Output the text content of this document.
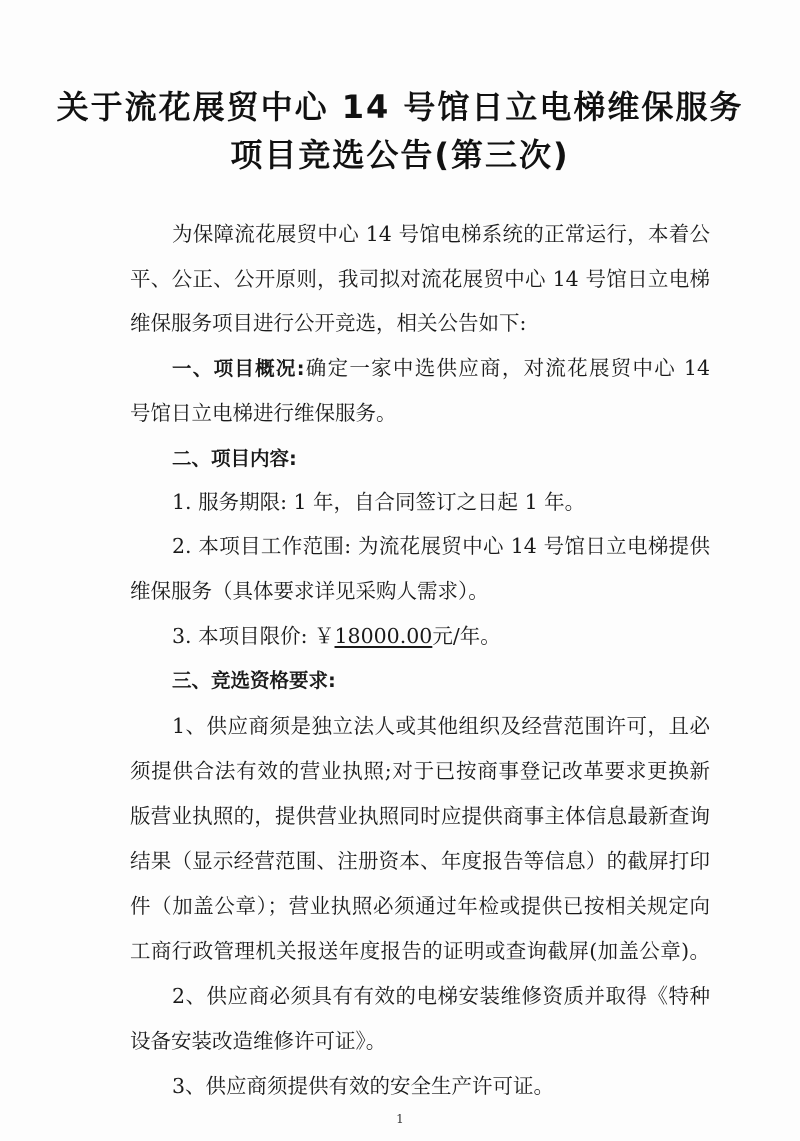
关于流花展贸中心 14 号馆日立电梯维保服务
项目竞选公告(第三次)
为保障流花展贸中心 14 号馆电梯系统的正常运行，本着公
平、公正、公开原则，我司拟对流花展贸中心 14 号馆日立电梯
维保服务项目进行公开竞选，相关公告如下:
一、项目概况:确定一家中选供应商，对流花展贸中心 14
号馆日立电梯进行维保服务。
二、项目内容:
1. 服务期限: 1 年，自合同签订之日起 1 年。
2. 本项目工作范围: 为流花展贸中心 14 号馆日立电梯提供
维保服务（具体要求详见采购人需求）。
3. 本项目限价: ￥18000.00元/年。
三、竞选资格要求:
1、供应商须是独立法人或其他组织及经营范围许可，且必
须提供合法有效的营业执照;对于已按商事登记改革要求更换新
版营业执照的，提供营业执照同时应提供商事主体信息最新查询
结果（显示经营范围、注册资本、年度报告等信息）的截屏打印
件（加盖公章）；营业执照必须通过年检或提供已按相关规定向
工商行政管理机关报送年度报告的证明或查询截屏(加盖公章)。
2、供应商必须具有有效的电梯安装维修资质并取得《特种
设备安装改造维修许可证》。
3、供应商须提供有效的安全生产许可证。
1
